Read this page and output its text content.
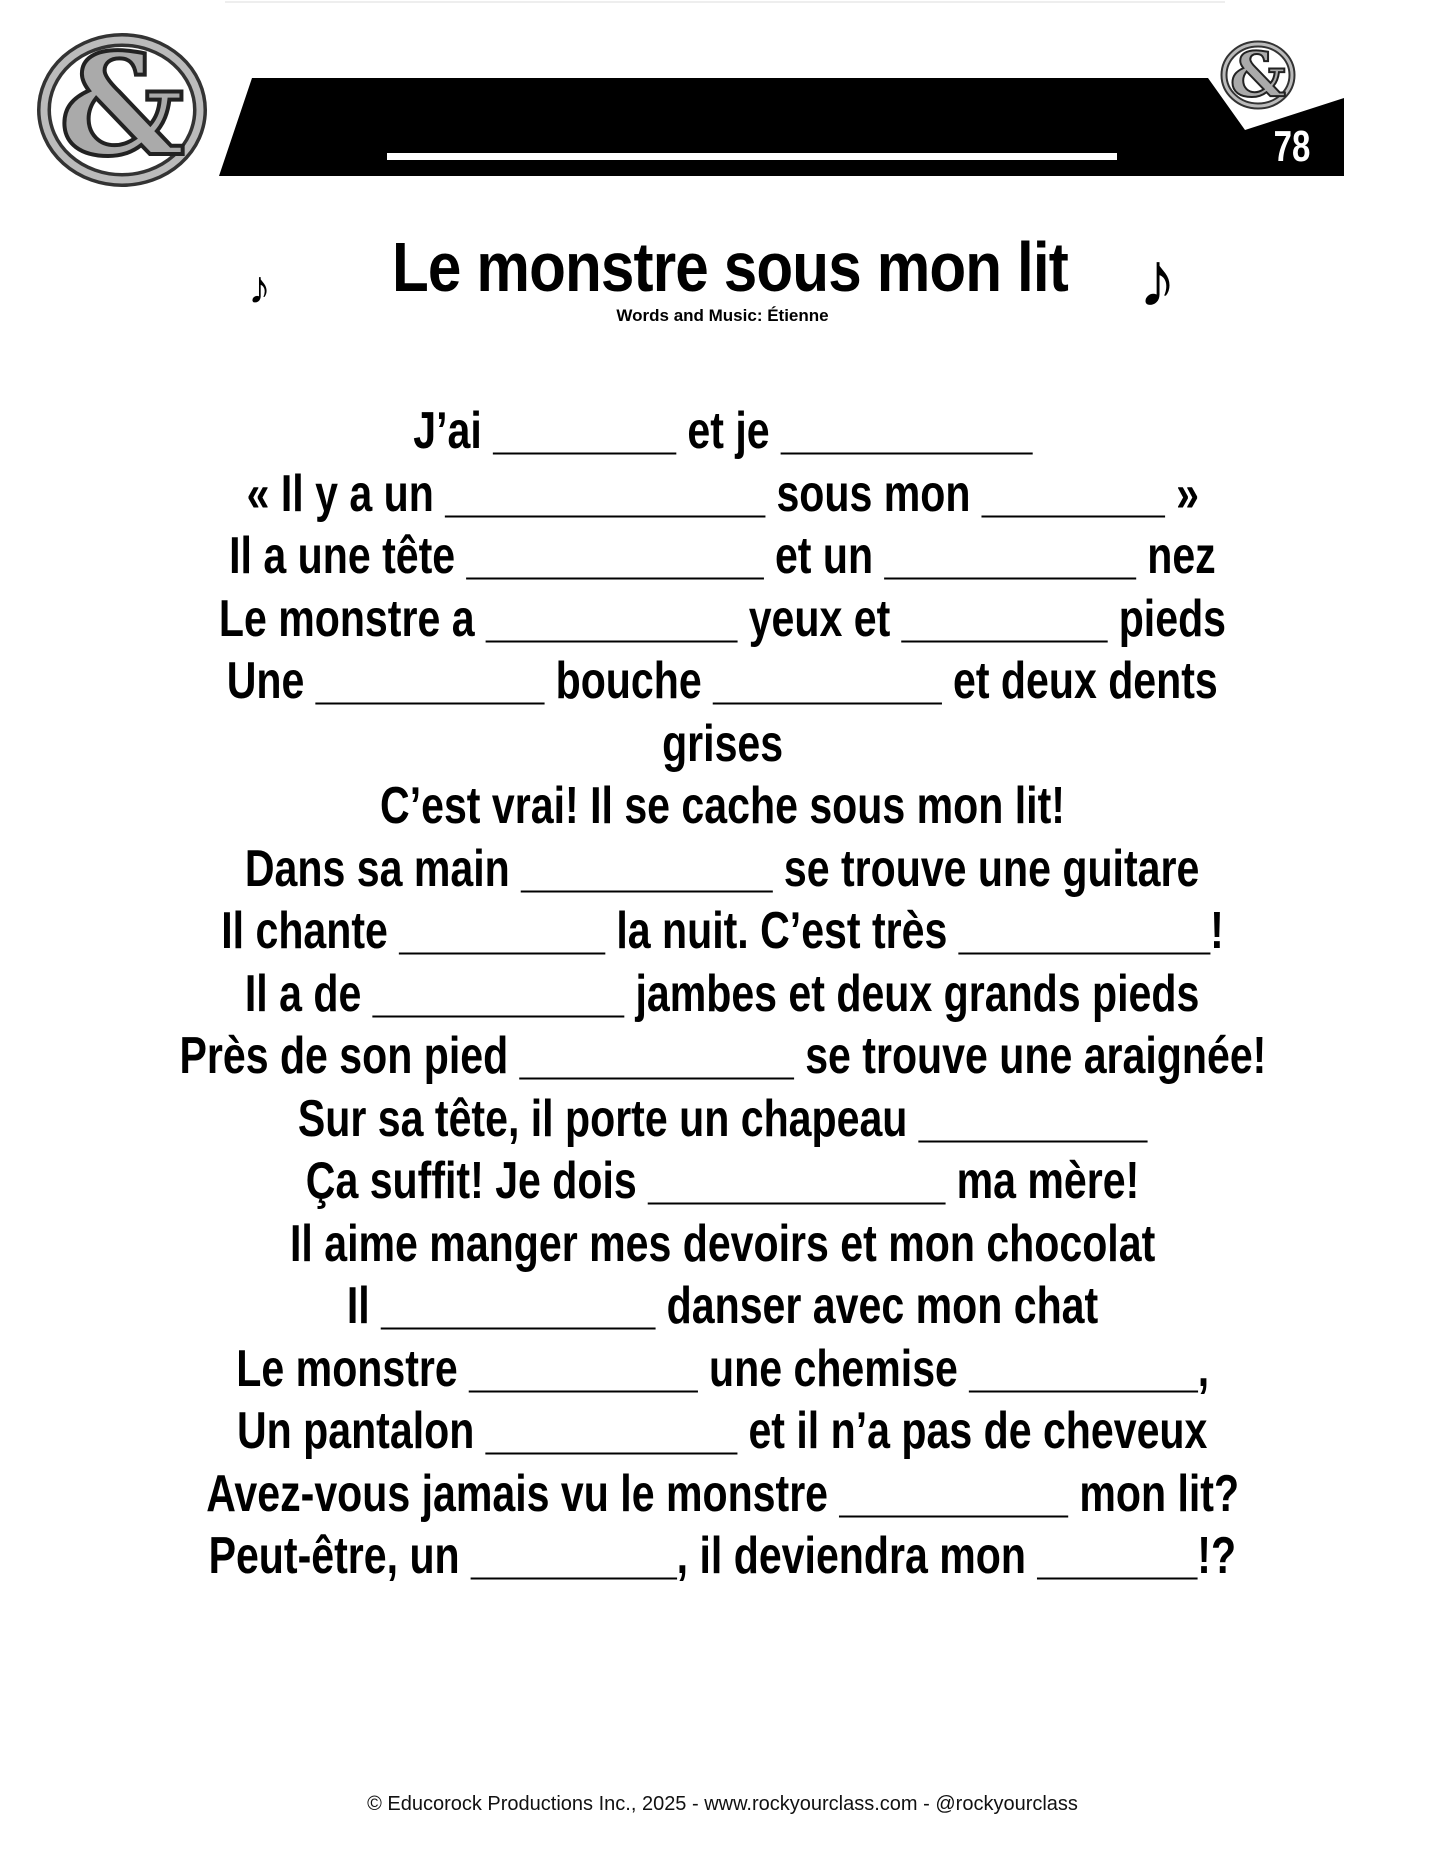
&	&
78
♪ Le monstre sous mon lit ♪
Words and Music: Étienne
J’ai ________ et je ___________
« Il y a un ______________ sous mon ________ »
Il a une tête _____________ et un ___________ nez
Le monstre a ___________ yeux et _________ pieds
Une __________ bouche __________ et deux dents
grises
C’est vrai! Il se cache sous mon lit!
Dans sa main ___________ se trouve une guitare
Il chante _________ la nuit. C’est très ___________!
Il a de ___________ jambes et deux grands pieds
Près de son pied ____________ se trouve une araignée!
Sur sa tête, il porte un chapeau __________
Ça suffit! Je dois _____________ ma mère!
Il aime manger mes devoirs et mon chocolat
Il ____________ danser avec mon chat
Le monstre __________ une chemise __________,
Un pantalon ___________ et il n’a pas de cheveux
Avez-vous jamais vu le monstre __________ mon lit?
Peut-être, un _________, il deviendra mon _______!?
© Educorock Productions Inc., 2025 - www.rockyourclass.com - @rockyourclass
